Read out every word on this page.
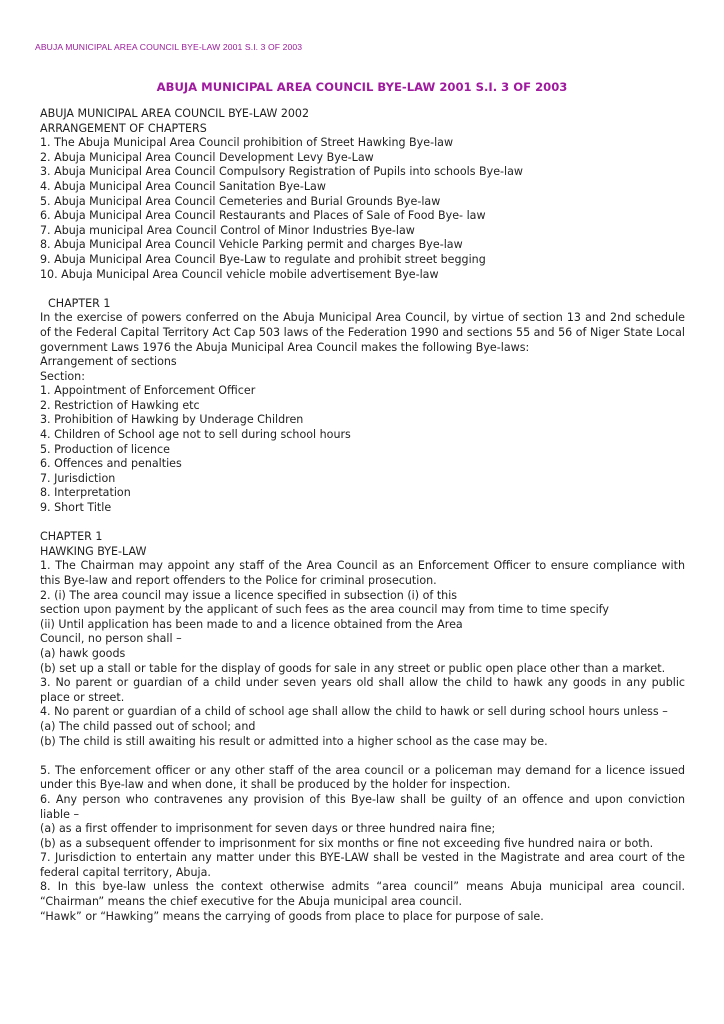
ABUJA MUNICIPAL AREA COUNCIL BYE-LAW 2001 S.I. 3 OF 2003
ABUJA MUNICIPAL AREA COUNCIL BYE-LAW 2001 S.I. 3 OF 2003

ABUJA MUNICIPAL AREA COUNCIL BYE-LAW 2002

ARRANGEMENT OF CHAPTERS

1. The Abuja Municipal Area Council prohibition of Street Hawking Bye-law

2. Abuja Municipal Area Council Development Levy Bye-Law

3. Abuja Municipal Area Council Compulsory Registration of Pupils into schools Bye-law

4. Abuja Municipal Area Council Sanitation Bye-Law

5. Abuja Municipal Area Council Cemeteries and Burial Grounds Bye-law

6. Abuja Municipal Area Council Restaurants and Places of Sale of Food Bye- law

7. Abuja municipal Area Council Control of Minor Industries Bye-law

8. Abuja Municipal Area Council Vehicle Parking permit and charges Bye-law

9. Abuja Municipal Area Council Bye-Law to regulate and prohibit street begging

10. Abuja Municipal Area Council vehicle mobile advertisement Bye-law

CHAPTER 1

In the exercise of powers conferred on the Abuja Municipal Area Council, by virtue of section 13 and 2nd schedule of the Federal Capital Territory Act Cap 503 laws of the Federation 1990 and sections 55 and 56 of Niger State Local government Laws 1976 the Abuja Municipal Area Council makes the following Bye-laws:

Arrangement of sections

Section:

1. Appointment of Enforcement Officer

2. Restriction of Hawking etc

3. Prohibition of Hawking by Underage Children

4. Children of School age not to sell during school hours

5. Production of licence

6. Offences and penalties

7. Jurisdiction

8. Interpretation

9. Short Title

CHAPTER 1

HAWKING BYE-LAW

1. The Chairman may appoint any staff of the Area Council as an Enforcement Officer to ensure compliance with this Bye-law and report offenders to the Police for criminal prosecution.

2. (i) The area council may issue a licence specified in subsection (i) of this

section upon payment by the applicant of such fees as the area council may from time to time specify

(ii) Until application has been made to and a licence obtained from the Area

Council, no person shall –

(a) hawk goods

(b) set up a stall or table for the display of goods for sale in any street or public open place other than a market.

3. No parent or guardian of a child under seven years old shall allow the child to hawk any goods in any public place or street.

4. No parent or guardian of a child of school age shall allow the child to hawk or sell during school hours unless –

(a) The child passed out of school; and

(b) The child is still awaiting his result or admitted into a higher school as the case may be.

5. The enforcement officer or any other staff of the area council or a policeman may demand for a licence issued under this Bye-law and when done, it shall be produced by the holder for inspection.

6. Any person who contravenes any provision of this Bye-law shall be guilty of an offence and upon conviction liable –

(a) as a first offender to imprisonment for seven days or three hundred naira fine;

(b) as a subsequent offender to imprisonment for six months or fine not exceeding five hundred naira or both.

7. Jurisdiction to entertain any matter under this BYE-LAW shall be vested in the Magistrate and area court of the federal capital territory, Abuja.

8. In this bye-law unless the context otherwise admits “area council” means Abuja municipal area council. “Chairman” means the chief executive for the Abuja municipal area council.

“Hawk” or “Hawking” means the carrying of goods from place to place for purpose of sale.
